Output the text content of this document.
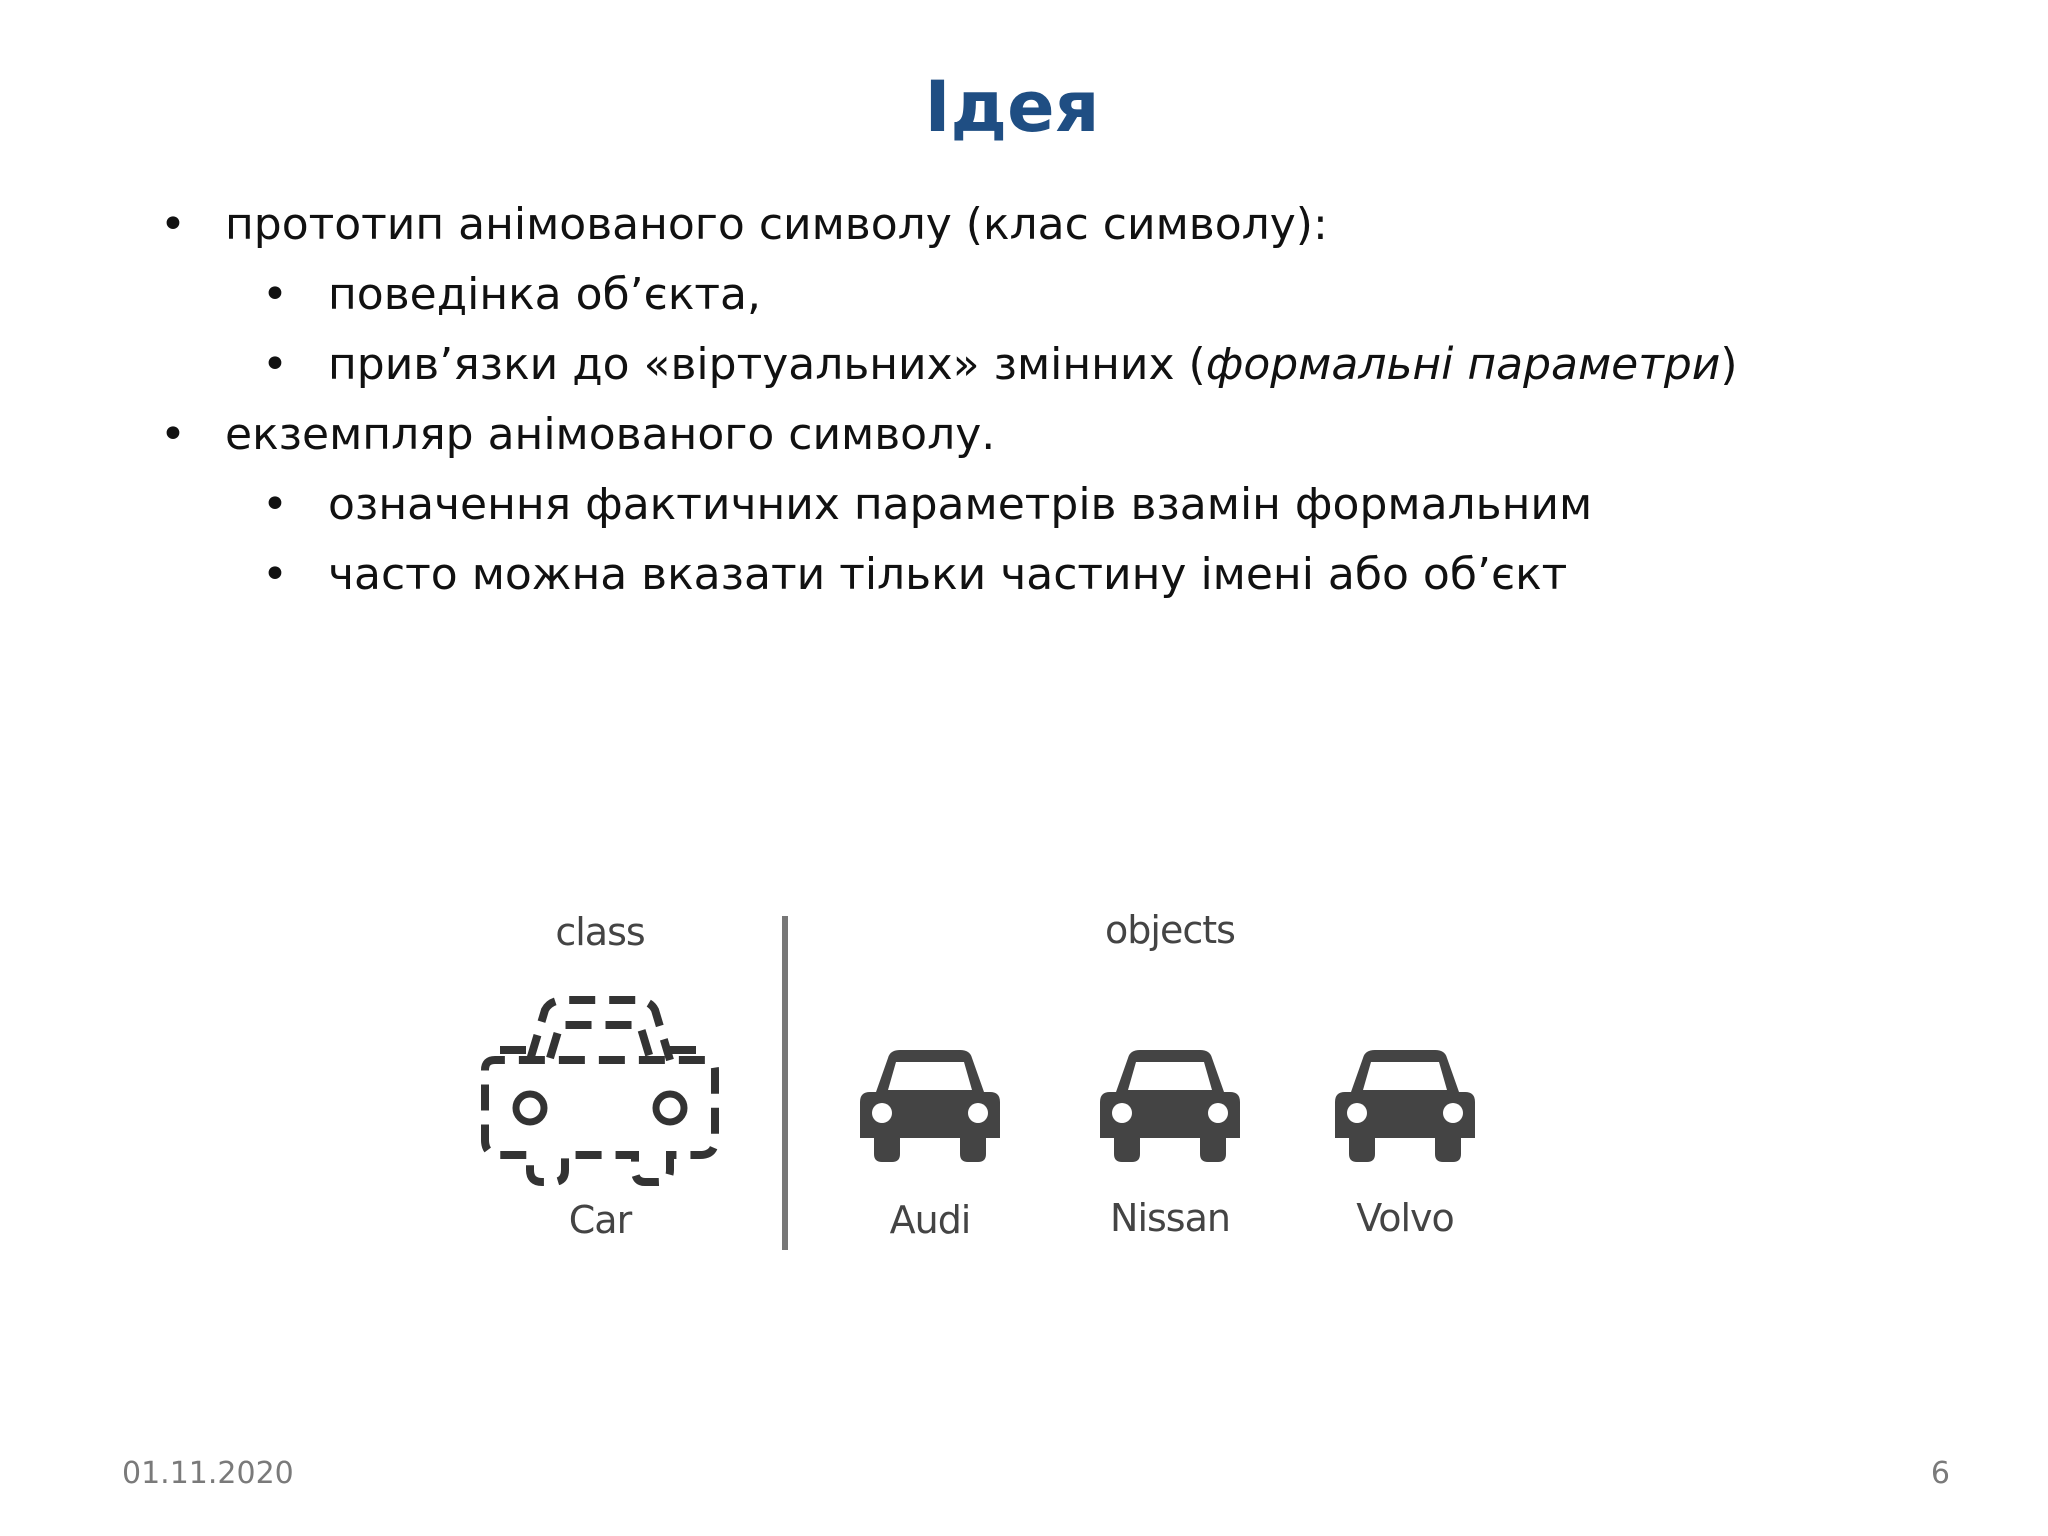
Ідея
• прототип анімованого символу (клас символу):
• поведінка об’єкта,
• прив’язки до «віртуальних» змінних (формальні параметри)
• екземпляр анімованого символу.
• означення фактичних параметрів взамін формальним
• часто можна вказати тільки частину імені або об’єкт
class	objects
Car	Audi	Nissan	Volvo
01.11.2020	6
